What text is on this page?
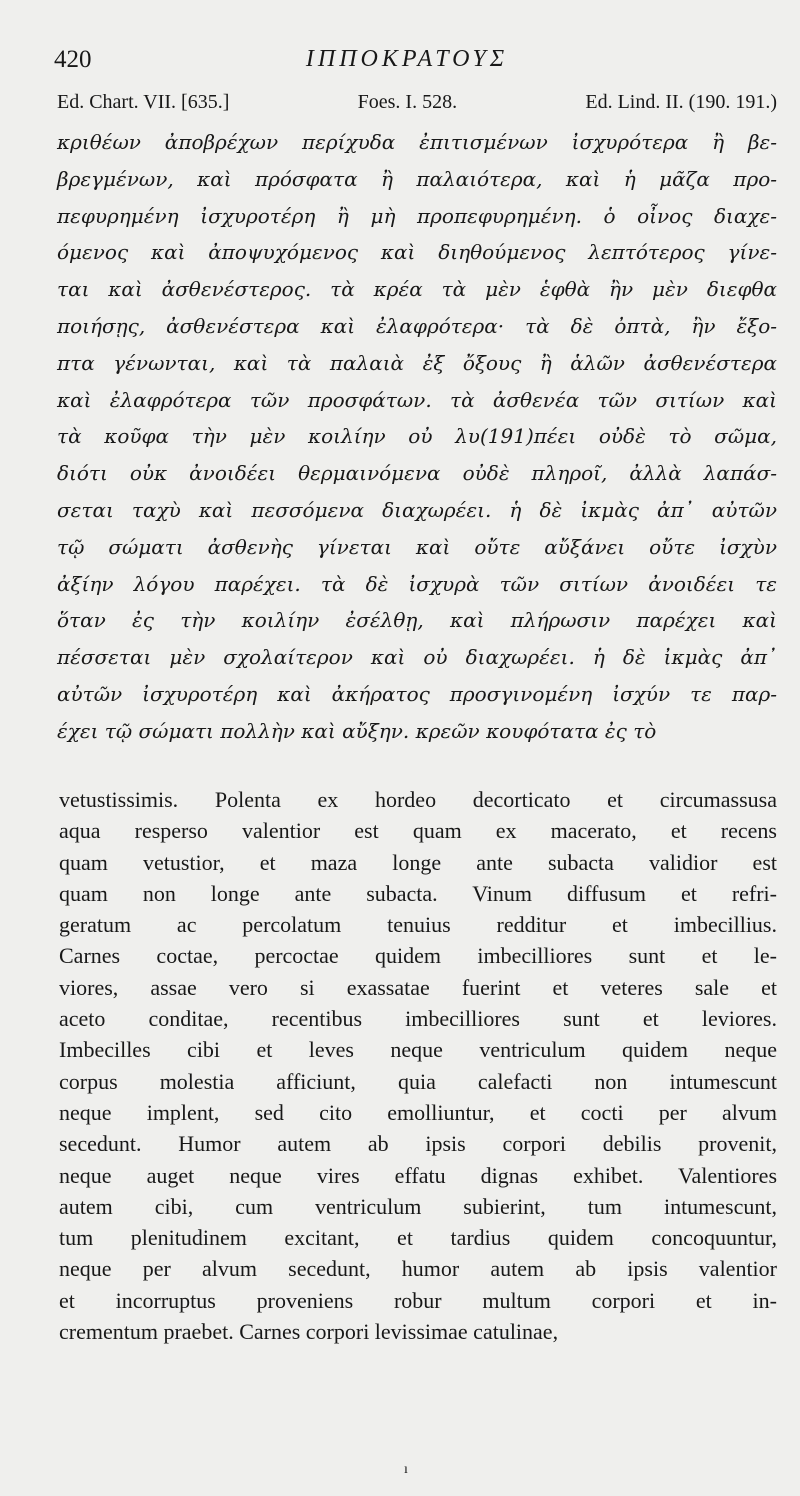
420	ΙΠΠΟΚΡΑΤΟΥΣ
Ed. Chart. VII. [635.]	Foes. I. 528.	Ed. Lind. II. (190. 191.)
κριθέων ἀποβρέχων περίχυδα ἐπιτισμένων ἰσχυρότερα ἢ βε-
βρεγμένων, καὶ πρόσφατα ἢ παλαιότερα, καὶ ἡ μᾶζα προ-
πεφυρημένη ἰσχυροτέρη ἢ μὴ προπεφυρημένη. ὁ οἶνος διαχε-
όμενος καὶ ἀποψυχόμενος καὶ διηθούμενος λεπτότερος γίνε-
ται καὶ ἀσθενέστερος. τὰ κρέα τὰ μὲν ἑφθὰ ἢν μὲν διεφθα
ποιήσῃς, ἀσθενέστερα καὶ ἐλαφρότερα· τὰ δὲ ὀπτὰ, ἢν ἔξο-
πτα γένωνται, καὶ τὰ παλαιὰ ἐξ ὄξους ἢ ἁλῶν ἀσθενέστερα
καὶ ἐλαφρότερα τῶν προσφάτων. τὰ ἀσθενέα τῶν σιτίων καὶ
τὰ κοῦφα τὴν μὲν κοιλίην οὐ λυ(191)πέει οὐδὲ τὸ σῶμα,
διότι οὐκ ἀνοιδέει θερμαινόμενα οὐδὲ πληροῖ, ἀλλὰ λαπάσ-
σεται ταχὺ καὶ πεσσόμενα διαχωρέει. ἡ δὲ ἰκμὰς ἀπ᾽ αὐτῶν
τῷ σώματι ἀσθενὴς γίνεται καὶ οὔτε αὔξάνει οὔτε ἰσχὺν
ἀξίην λόγου παρέχει. τὰ δὲ ἰσχυρὰ τῶν σιτίων ἀνοιδέει τε
ὅταν ἐς τὴν κοιλίην ἐσέλθῃ, καὶ πλήρωσιν παρέχει καὶ
πέσσεται μὲν σχολαίτερον καὶ οὐ διαχωρέει. ἡ δὲ ἰκμὰς ἀπ᾽
αὐτῶν ἰσχυροτέρη καὶ ἀκήρατος προσγινομένη ἰσχύν τε παρ-
έχει τῷ σώματι πολλὴν καὶ αὔξην. κρεῶν κουφότατα ἐς τὸ
vetustissimis. Polenta ex hordeo decorticato et circumassusa
aqua resperso valentior est quam ex macerato, et recens
quam vetustior, et maza longe ante subacta validior est
quam non longe ante subacta. Vinum diffusum et refri-
geratum ac percolatum tenuius redditur et imbecillius.
Carnes coctae, percoctae quidem imbecilliores sunt et le-
viores, assae vero si exassatae fuerint et veteres sale et
aceto conditae, recentibus imbecilliores sunt et leviores.
Imbecilles cibi et leves neque ventriculum quidem neque
corpus molestia afficiunt, quia calefacti non intumescunt
neque implent, sed cito emolliuntur, et cocti per alvum
secedunt. Humor autem ab ipsis corpori debilis provenit,
neque auget neque vires effatu dignas exhibet. Valentiores
autem cibi, cum ventriculum subierint, tum intumescunt,
tum plenitudinem excitant, et tardius quidem concoquuntur,
neque per alvum secedunt, humor autem ab ipsis valentior
et incorruptus proveniens robur multum corpori et in-
crementum praebet. Carnes corpori levissimae catulinae,
ı
